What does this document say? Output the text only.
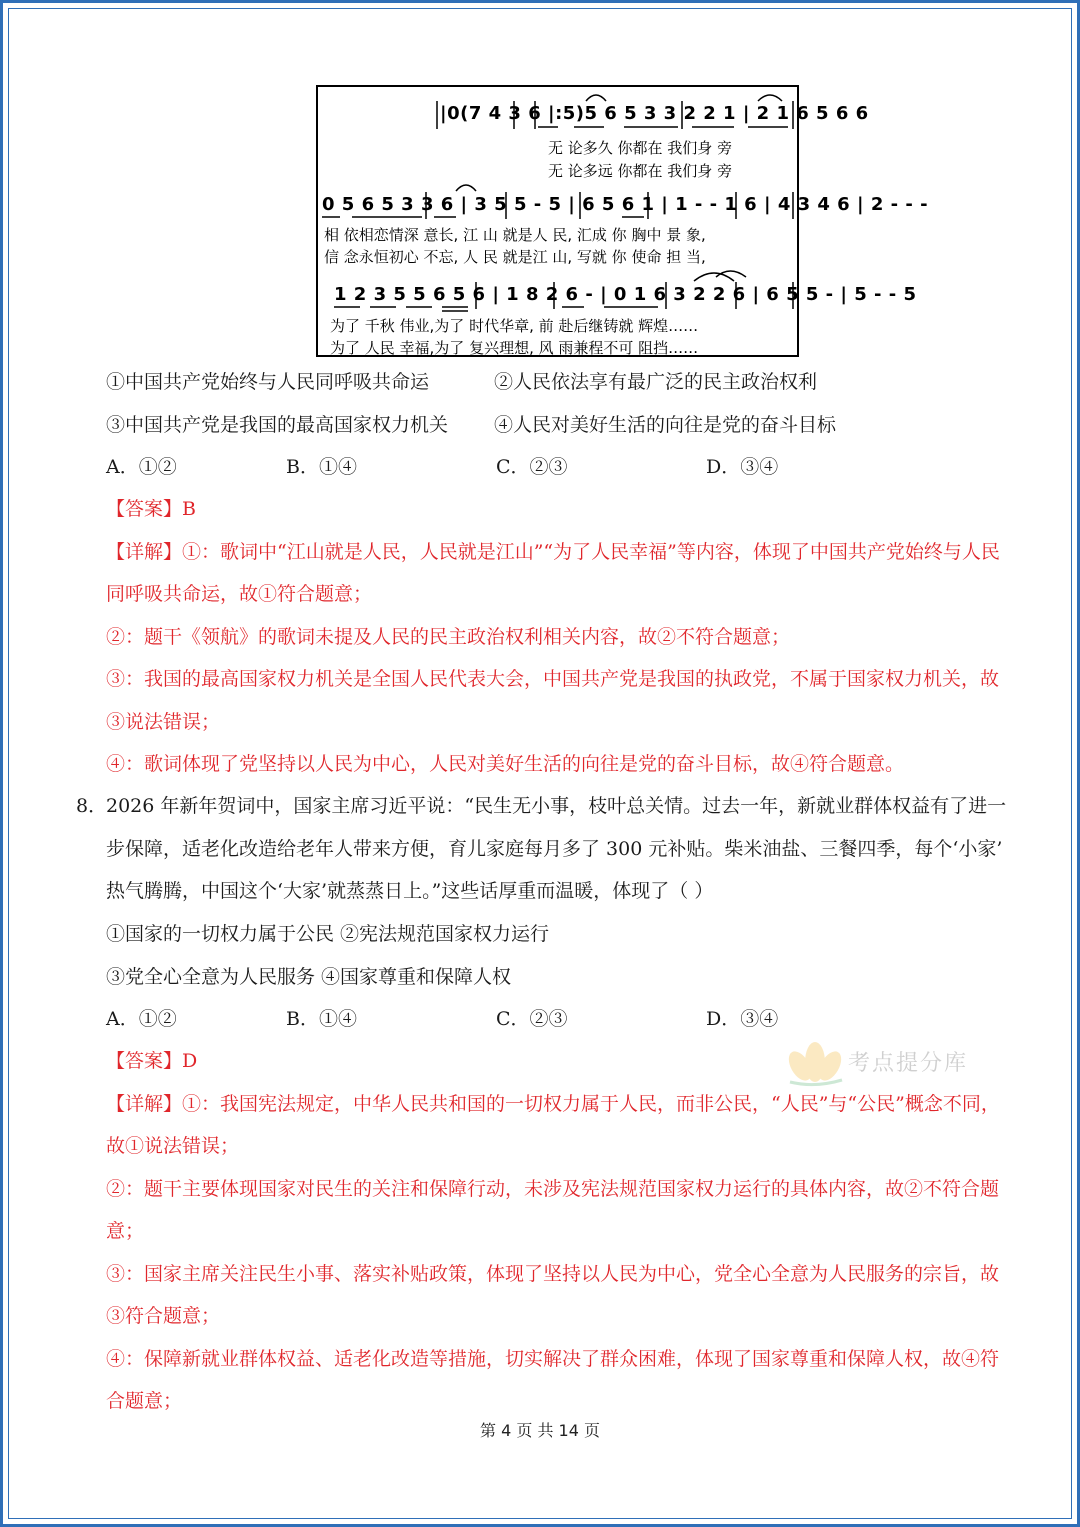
|0(7 4 3 6 |:5)5 6 5 3 3 2 2 1 | 2 1 6 5 6 6
无 论多久 你都在 我们身 旁
无 论多远 你都在 我们身 旁
0 5 6 5 3 3 6 | 3 5 5 - 5 | 6 5 6 1 | 1 - - 1 6 | 4 3 4 6 | 2 - - -
相 依相恋情深 意长, 江 山 就是人 民, 汇成 你 胸中 景 象,
信 念永恒初心 不忘, 人 民 就是江 山, 写就 你 使命 担 当,
1 2 3 5 5 6 5 6 | 1 8 2 6 - | 0 1 6 3 2 2 6 | 6 5 5 - | 5 - - 5
为了 千秋 伟业,为了 时代华章, 前 赴后继铸就 辉煌……
为了 人民 幸福,为了 复兴理想, 风 雨兼程不可 阻挡……
①中国共产党始终与人民同呼吸共命运	②人民依法享有最广泛的民主政治权利
③中国共产党是我国的最高国家权力机关 ④人民对美好生活的向往是党的奋斗目标
A．①②	B．①④	C．②③	D．③④
【答案】B
【详解】①：歌词中“江山就是人民，人民就是江山”“为了人民幸福”等内容，体现了中国共产党始终与人民
同呼吸共命运，故①符合题意；
②：题干《领航》的歌词未提及人民的民主政治权利相关内容，故②不符合题意；
③：我国的最高国家权力机关是全国人民代表大会，中国共产党是我国的执政党，不属于国家权力机关，故
③说法错误；
④：歌词体现了党坚持以人民为中心，人民对美好生活的向往是党的奋斗目标，故④符合题意。
8．
2026 年新年贺词中，国家主席习近平说：“民生无小事，枝叶总关情。过去一年，新就业群体权益有了进一
步保障，适老化改造给老年人带来方便，育儿家庭每月多了 300 元补贴。柴米油盐、三餐四季，每个‘小家’
热气腾腾，中国这个‘大家’就蒸蒸日上。”这些话厚重而温暖，体现了（ ）
①国家的一切权力属于公民 ②宪法规范国家权力运行
③党全心全意为人民服务 ④国家尊重和保障人权
A．①②	B．①④	C．②③	D．③④
【答案】D
【详解】①：我国宪法规定，中华人民共和国的一切权力属于人民，而非公民，“人民”与“公民”概念不同，
故①说法错误；
②：题干主要体现国家对民生的关注和保障行动，未涉及宪法规范国家权力运行的具体内容，故②不符合题
意；
③：国家主席关注民生小事、落实补贴政策，体现了坚持以人民为中心，党全心全意为人民服务的宗旨，故
③符合题意；
④：保障新就业群体权益、适老化改造等措施，切实解决了群众困难，体现了国家尊重和保障人权，故④符
合题意；
考点提分库
第 4 页 共 14 页
